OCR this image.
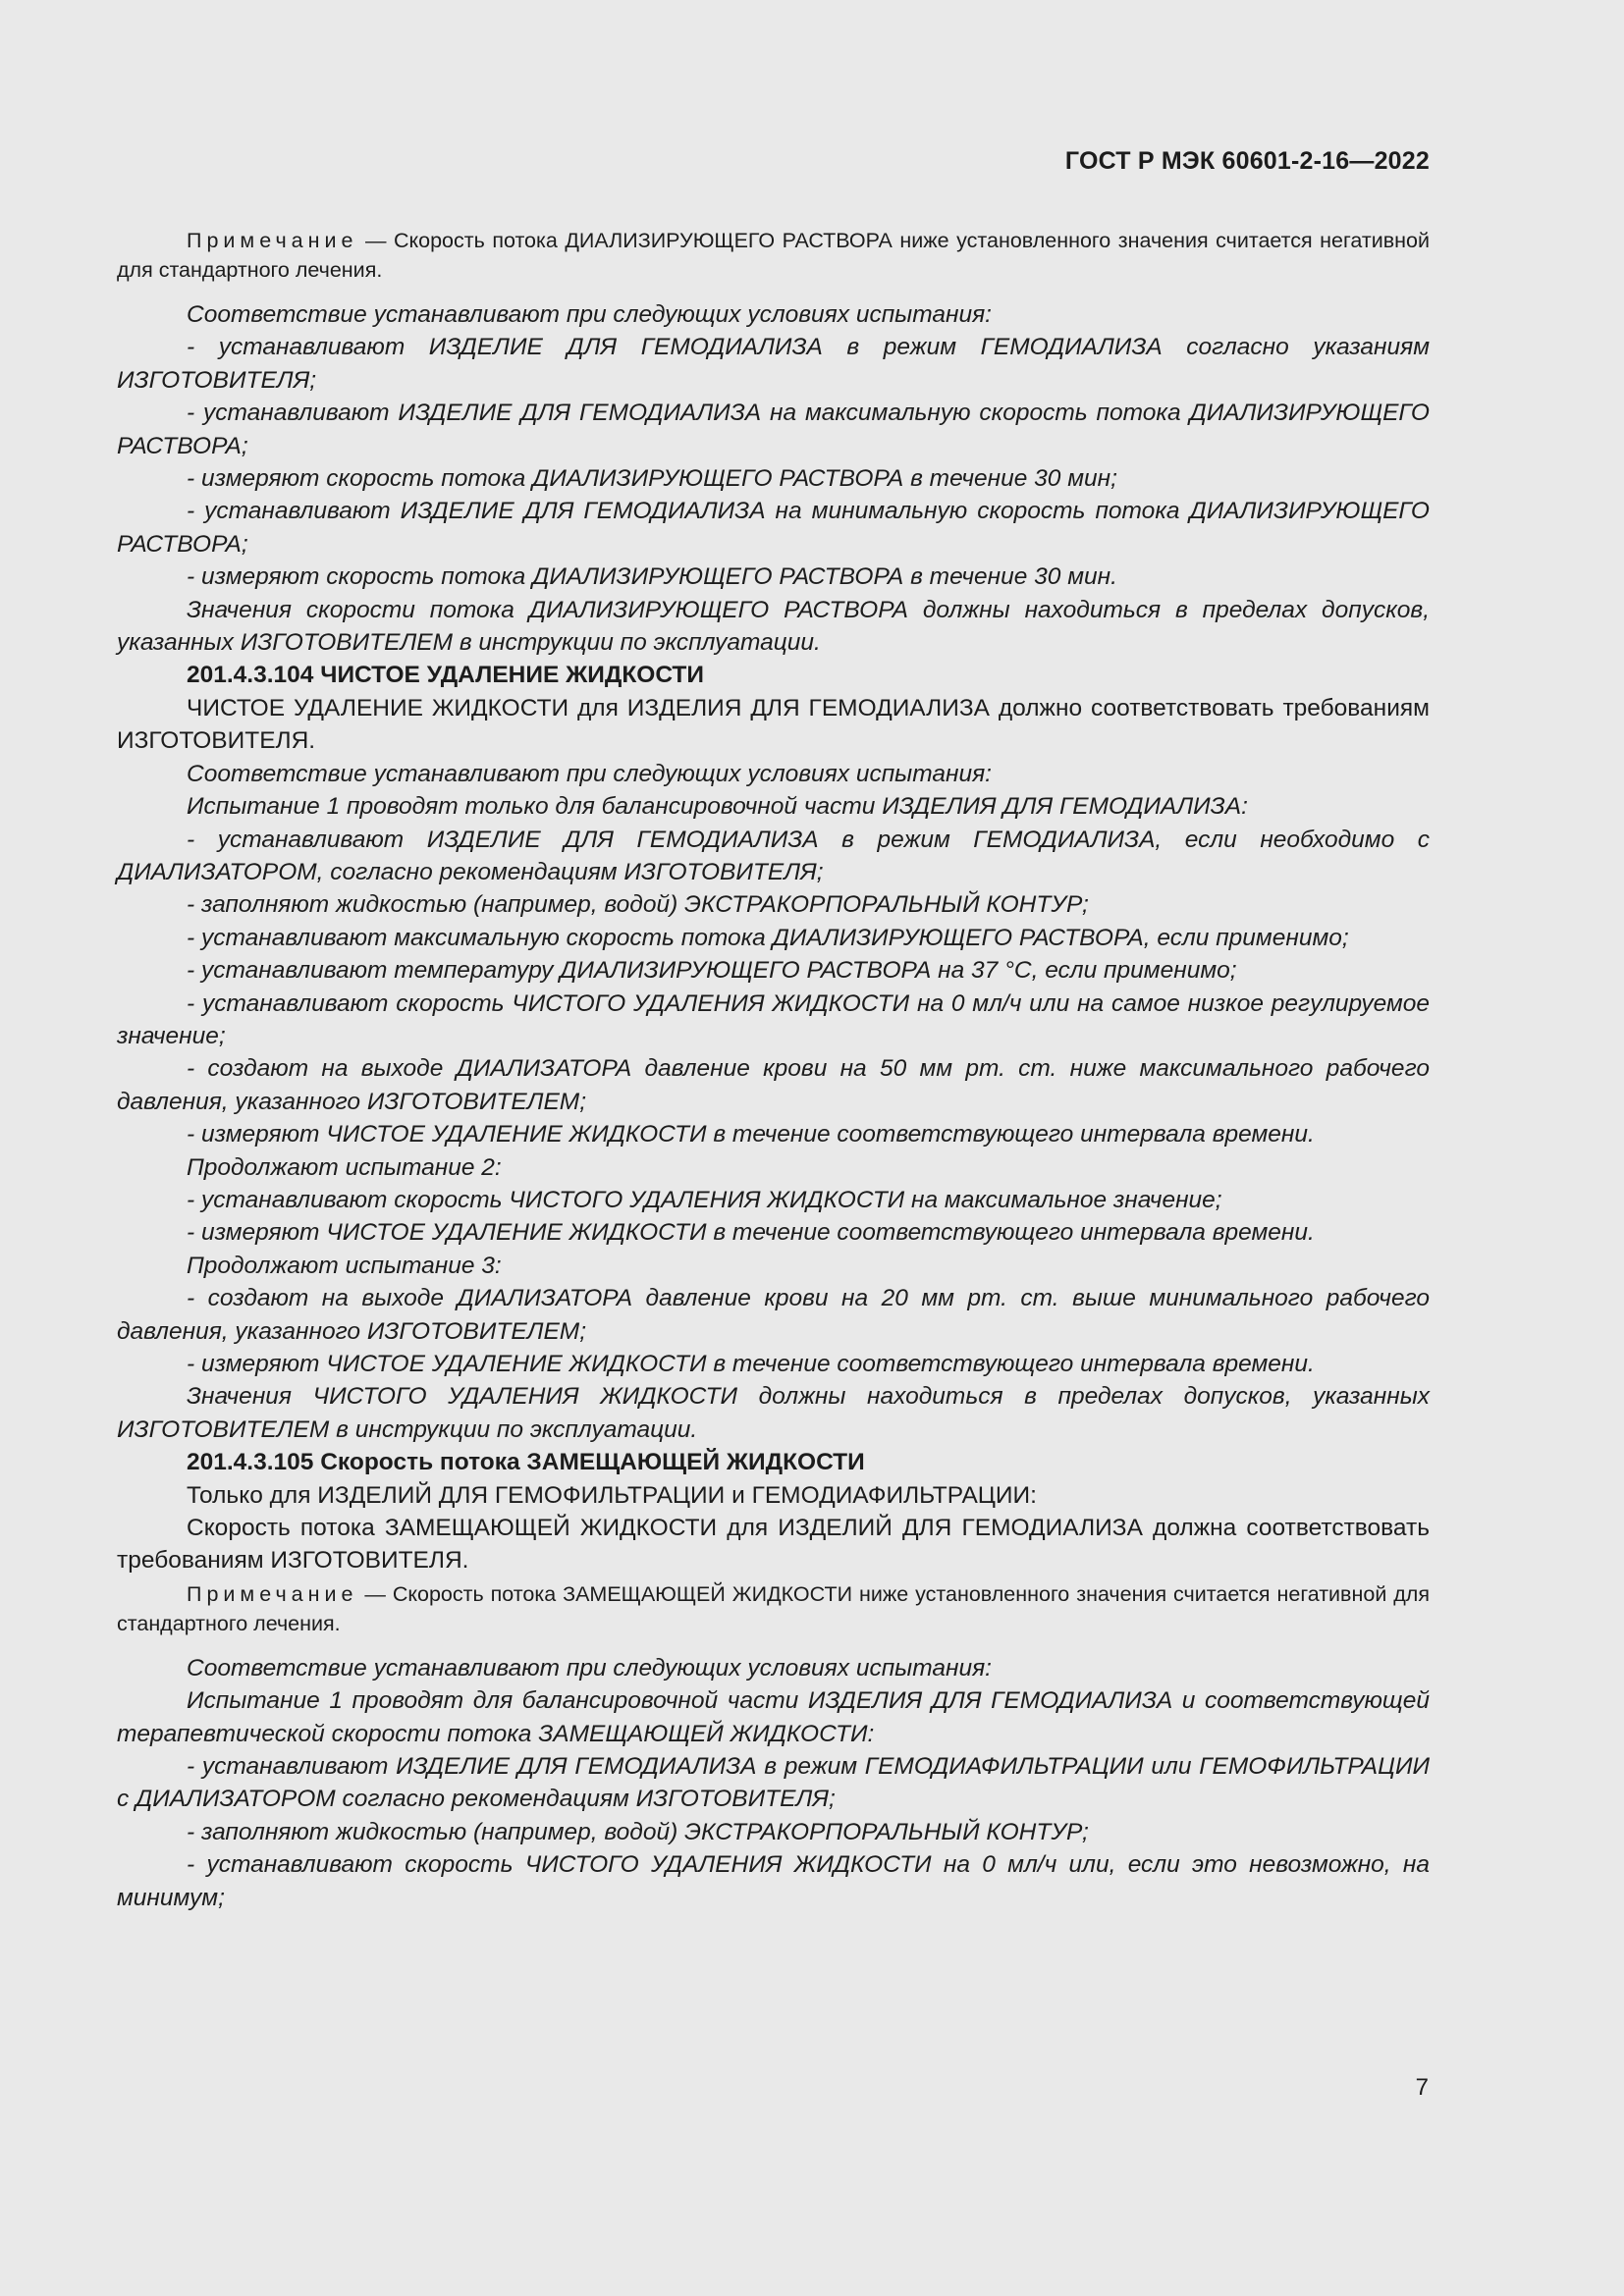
ГОСТ Р МЭК 60601-2-16—2022

Примечание — Скорость потока ДИАЛИЗИРУЮЩЕГО РАСТВОРА ниже установленного значения считается негативной для стандартного лечения.

Соответствие устанавливают при следующих условиях испытания:

- устанавливают ИЗДЕЛИЕ ДЛЯ ГЕМОДИАЛИЗА в режим ГЕМОДИАЛИЗА согласно указаниям ИЗГОТОВИТЕЛЯ;

- устанавливают ИЗДЕЛИЕ ДЛЯ ГЕМОДИАЛИЗА на максимальную скорость потока ДИАЛИЗИРУЮЩЕГО РАСТВОРА;

- измеряют скорость потока ДИАЛИЗИРУЮЩЕГО РАСТВОРА в течение 30 мин;

- устанавливают ИЗДЕЛИЕ ДЛЯ ГЕМОДИАЛИЗА на минимальную скорость потока ДИАЛИЗИРУЮЩЕГО РАСТВОРА;

- измеряют скорость потока ДИАЛИЗИРУЮЩЕГО РАСТВОРА в течение 30 мин.

Значения скорости потока ДИАЛИЗИРУЮЩЕГО РАСТВОРА должны находиться в пределах допусков, указанных ИЗГОТОВИТЕЛЕМ в инструкции по эксплуатации.

201.4.3.104 ЧИСТОЕ УДАЛЕНИЕ ЖИДКОСТИ

ЧИСТОЕ УДАЛЕНИЕ ЖИДКОСТИ для ИЗДЕЛИЯ ДЛЯ ГЕМОДИАЛИЗА должно соответствовать требованиям ИЗГОТОВИТЕЛЯ.

Соответствие устанавливают при следующих условиях испытания:

Испытание 1 проводят только для балансировочной части ИЗДЕЛИЯ ДЛЯ ГЕМОДИАЛИЗА:

- устанавливают ИЗДЕЛИЕ ДЛЯ ГЕМОДИАЛИЗА в режим ГЕМОДИАЛИЗА, если необходимо с ДИАЛИЗАТОРОМ, согласно рекомендациям ИЗГОТОВИТЕЛЯ;

- заполняют жидкостью (например, водой) ЭКСТРАКОРПОРАЛЬНЫЙ КОНТУР;

- устанавливают максимальную скорость потока ДИАЛИЗИРУЮЩЕГО РАСТВОРА, если применимо;

- устанавливают температуру ДИАЛИЗИРУЮЩЕГО РАСТВОРА на 37 °С, если применимо;

- устанавливают скорость ЧИСТОГО УДАЛЕНИЯ ЖИДКОСТИ на 0 мл/ч или на самое низкое регулируемое значение;

- создают на выходе ДИАЛИЗАТОРА давление крови на 50 мм рт. ст. ниже максимального рабочего давления, указанного ИЗГОТОВИТЕЛЕМ;

- измеряют ЧИСТОЕ УДАЛЕНИЕ ЖИДКОСТИ в течение соответствующего интервала времени.

Продолжают испытание 2:

- устанавливают скорость ЧИСТОГО УДАЛЕНИЯ ЖИДКОСТИ на максимальное значение;

- измеряют ЧИСТОЕ УДАЛЕНИЕ ЖИДКОСТИ в течение соответствующего интервала времени.

Продолжают испытание 3:

- создают на выходе ДИАЛИЗАТОРА давление крови на 20 мм рт. ст. выше минимального рабочего давления, указанного ИЗГОТОВИТЕЛЕМ;

- измеряют ЧИСТОЕ УДАЛЕНИЕ ЖИДКОСТИ в течение соответствующего интервала времени.

Значения ЧИСТОГО УДАЛЕНИЯ ЖИДКОСТИ должны находиться в пределах допусков, указанных ИЗГОТОВИТЕЛЕМ в инструкции по эксплуатации.

201.4.3.105 Скорость потока ЗАМЕЩАЮЩЕЙ ЖИДКОСТИ

Только для ИЗДЕЛИЙ ДЛЯ ГЕМОФИЛЬТРАЦИИ и ГЕМОДИАФИЛЬТРАЦИИ:

Скорость потока ЗАМЕЩАЮЩЕЙ ЖИДКОСТИ для ИЗДЕЛИЙ ДЛЯ ГЕМОДИАЛИЗА должна соответствовать требованиям ИЗГОТОВИТЕЛЯ.

Примечание — Скорость потока ЗАМЕЩАЮЩЕЙ ЖИДКОСТИ ниже установленного значения считается негативной для стандартного лечения.

Соответствие устанавливают при следующих условиях испытания:

Испытание 1 проводят для балансировочной части ИЗДЕЛИЯ ДЛЯ ГЕМОДИАЛИЗА и соответствующей терапевтической скорости потока ЗАМЕЩАЮЩЕЙ ЖИДКОСТИ:

- устанавливают ИЗДЕЛИЕ ДЛЯ ГЕМОДИАЛИЗА в режим ГЕМОДИАФИЛЬТРАЦИИ или ГЕМОФИЛЬТРАЦИИ с ДИАЛИЗАТОРОМ согласно рекомендациям ИЗГОТОВИТЕЛЯ;

- заполняют жидкостью (например, водой) ЭКСТРАКОРПОРАЛЬНЫЙ КОНТУР;

- устанавливают скорость ЧИСТОГО УДАЛЕНИЯ ЖИДКОСТИ на 0 мл/ч или, если это невозможно, на минимум;

7
